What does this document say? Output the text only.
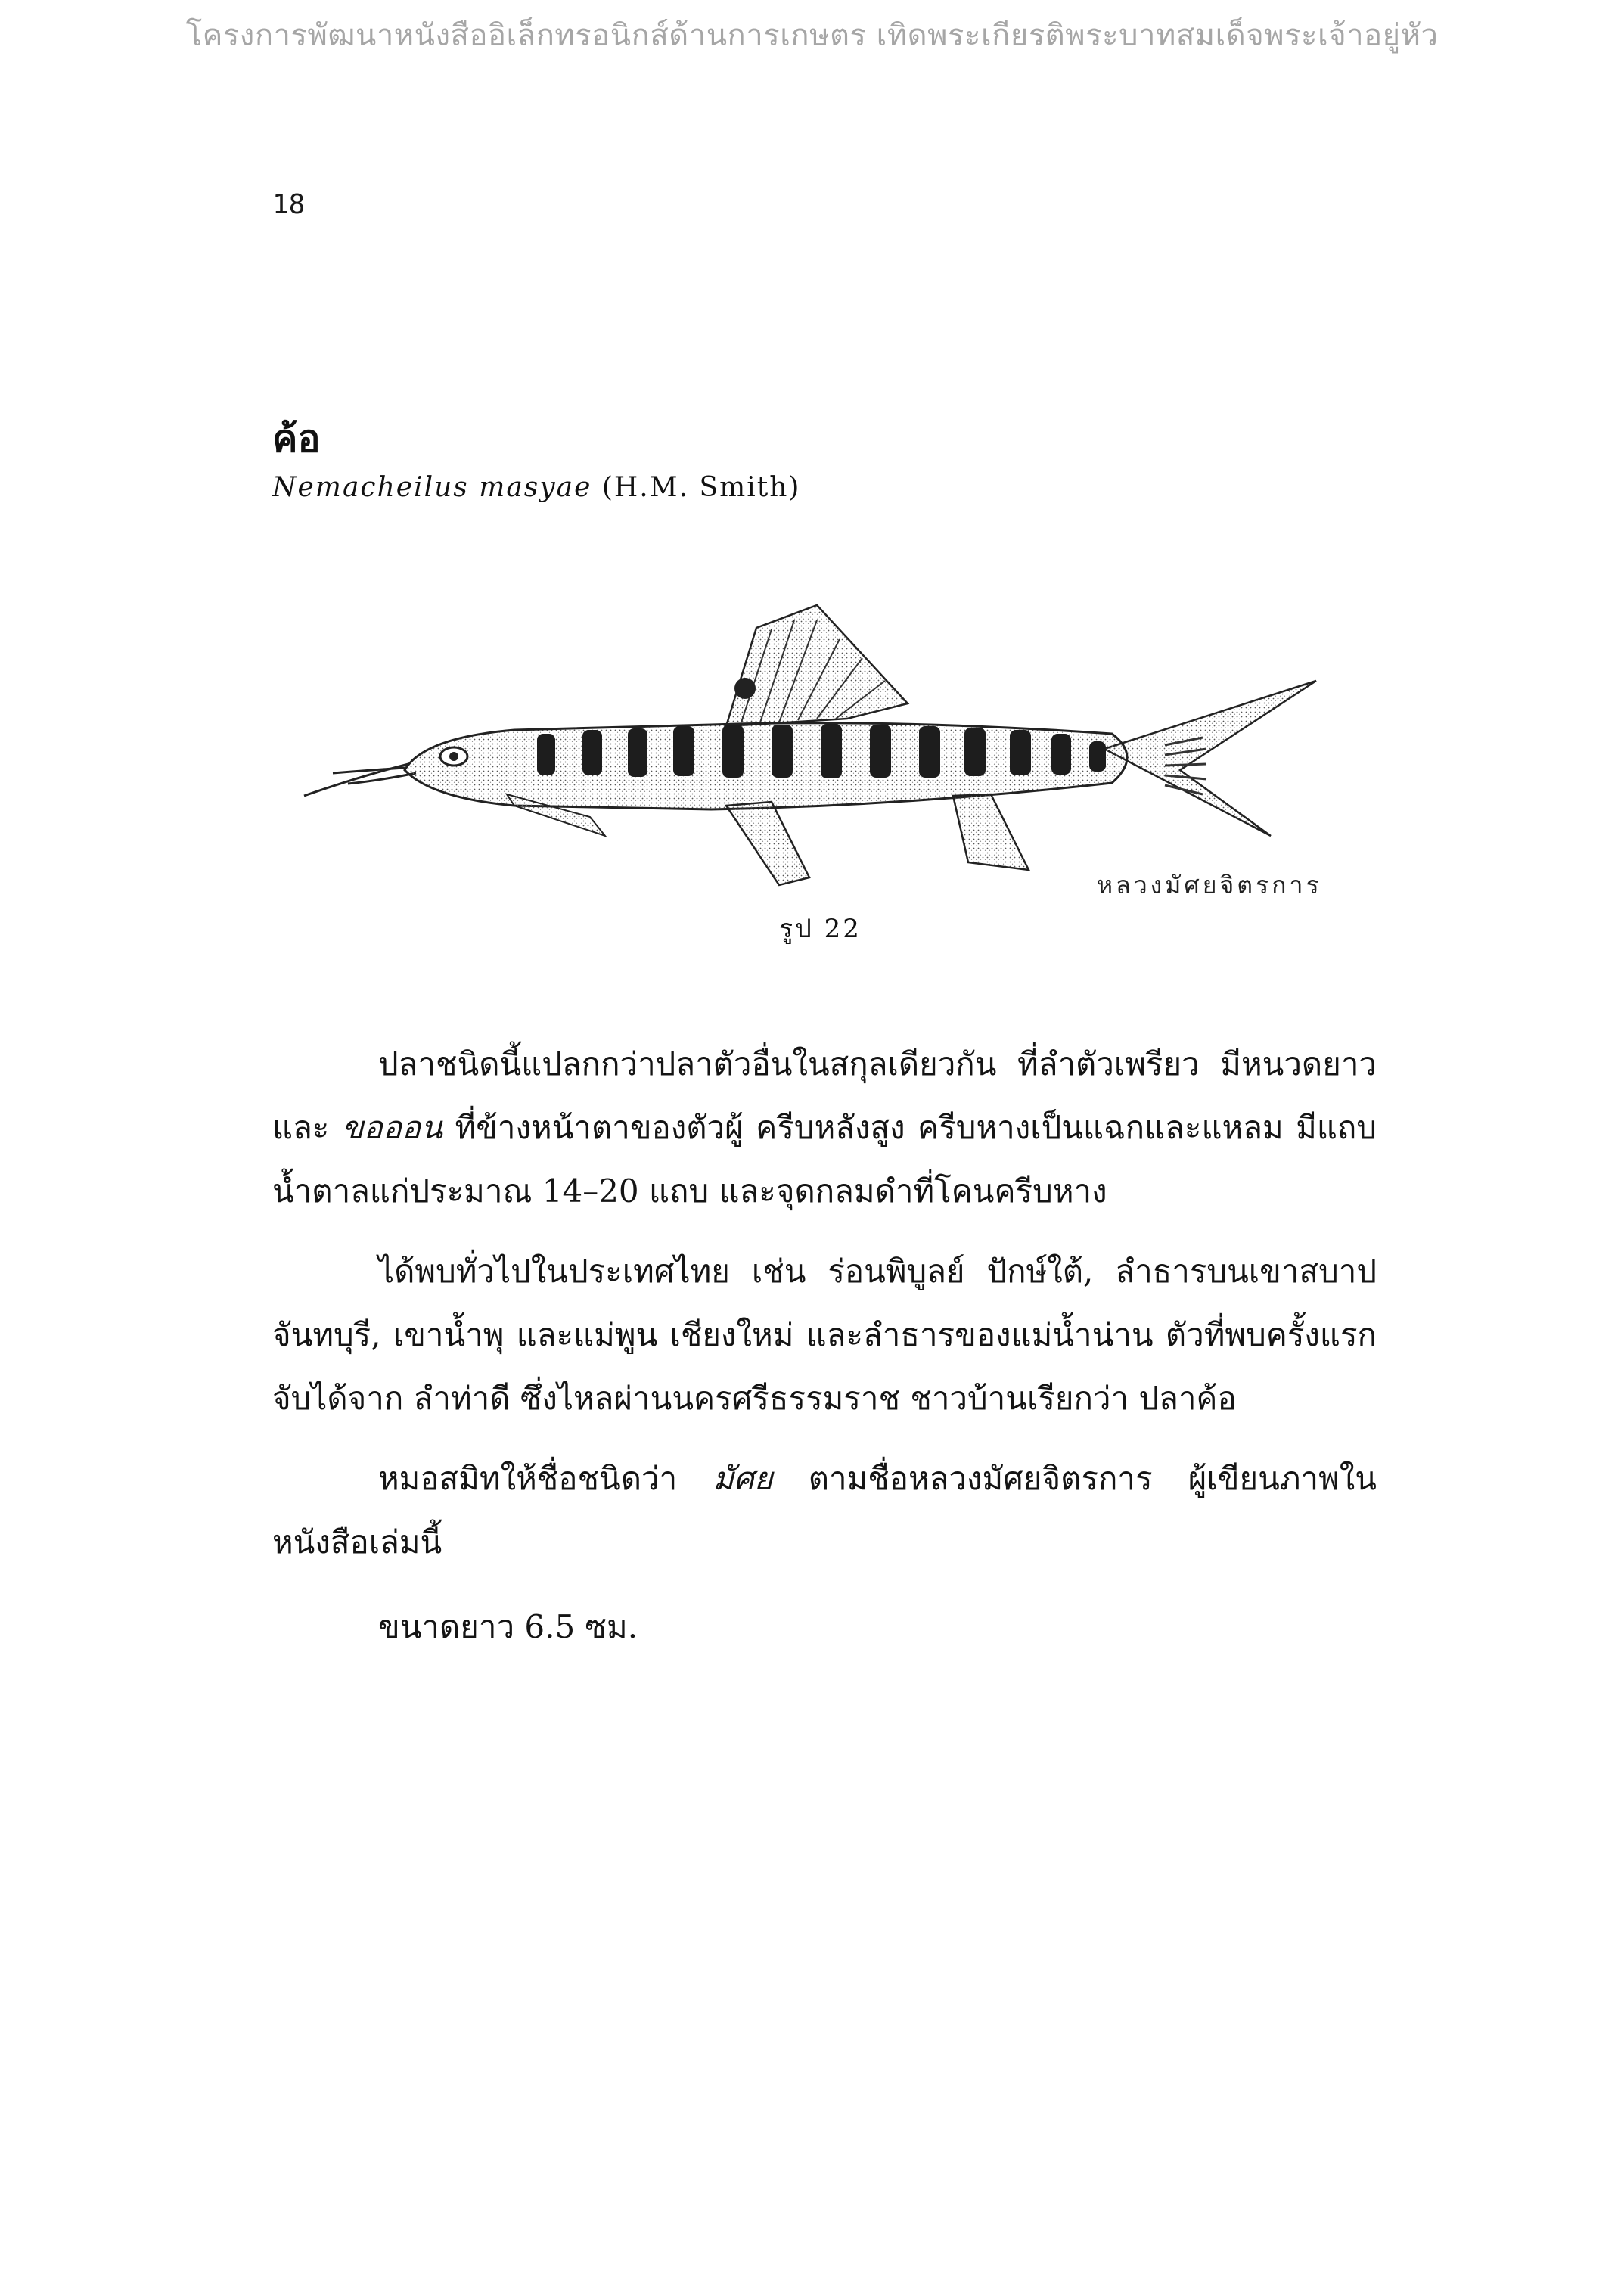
โครงการพัฒนาหนังสืออิเล็กทรอนิกส์ด้านการเกษตร เทิดพระเกียรติพระบาทสมเด็จพระเจ้าอยู่หัว
18
ค้อ
Nemacheilus masyae (H.M. Smith)
หลวงมัศยจิตรการ
รูป 22

ปลาชนิดนี้แปลกกว่าปลาตัวอื่นในสกุลเดียวกัน ที่ลำตัวเพรียว มีหนวดยาว และ ขอออน ที่ข้างหน้าตาของตัวผู้ ครีบหลังสูง ครีบหางเป็นแฉกและแหลม มีแถบน้ำตาลแก่ประมาณ 14–20 แถบ และจุดกลมดำที่โคนครีบหาง

ได้พบทั่วไปในประเทศไทย เช่น ร่อนพิบูลย์ ปักษ์ใต้, ลำธารบนเขาสบาป จันทบุรี, เขาน้ำพุ และแม่พูน เชียงใหม่ และลำธารของแม่น้ำน่าน ตัวที่พบครั้งแรก จับได้จาก ลำท่าดี ซึ่งไหลผ่านนครศรีธรรมราช ชาวบ้านเรียกว่า ปลาค้อ

หมอสมิทให้ชื่อชนิดว่า มัศย ตามชื่อหลวงมัศยจิตรการ ผู้เขียนภาพในหนังสือเล่มนี้

ขนาดยาว 6.5 ซม.
